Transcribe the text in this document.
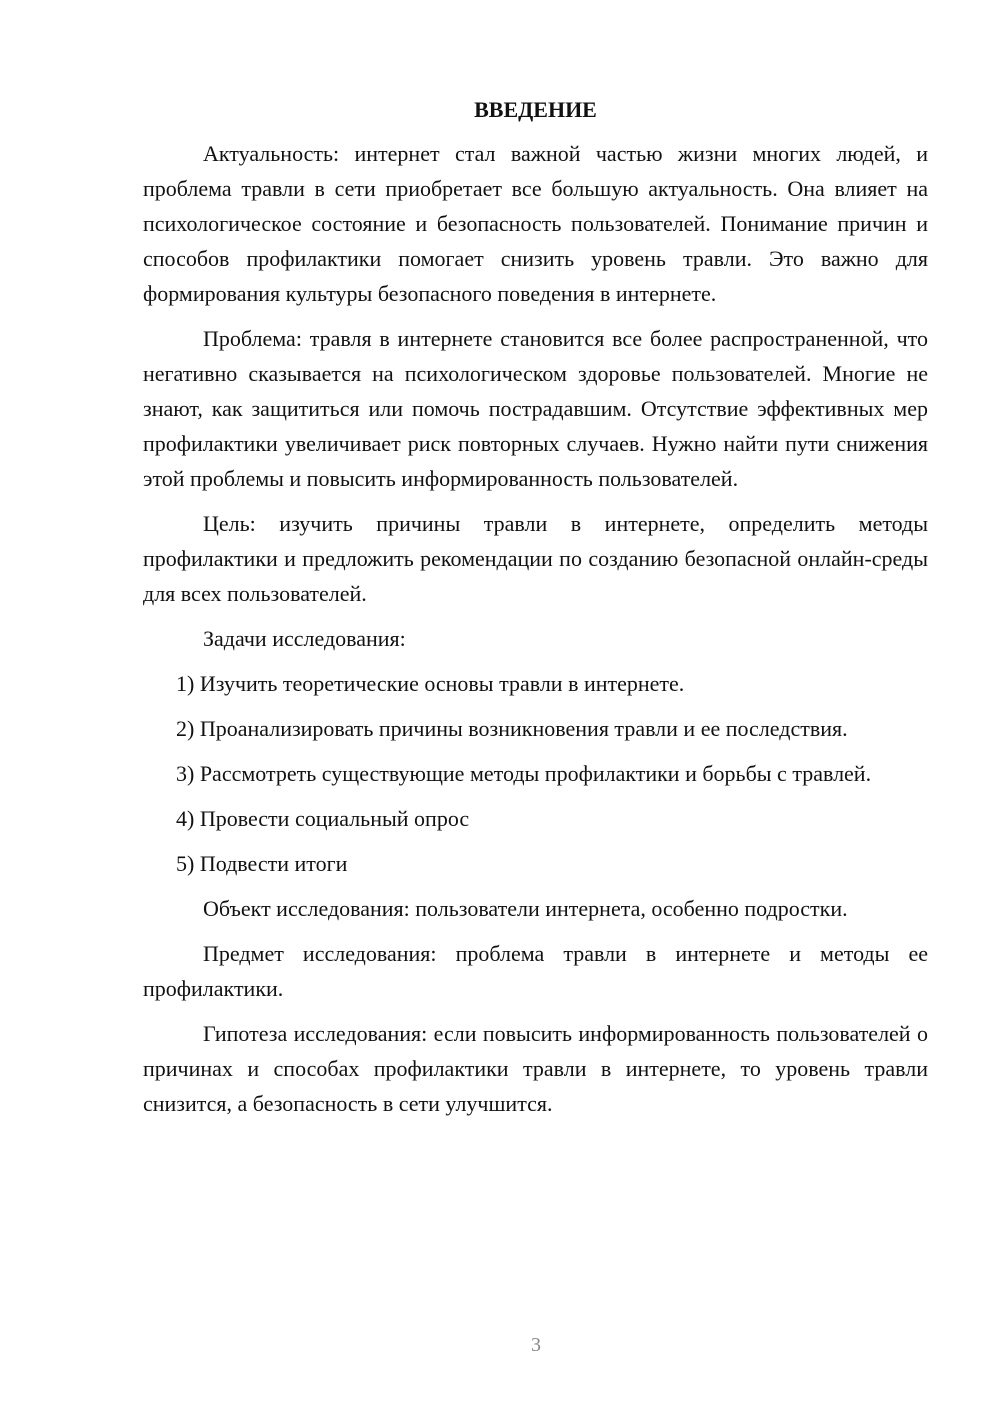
ВВЕДЕНИЕ

Актуальность: интернет стал важной частью жизни многих людей, и проблема травли в сети приобретает все большую актуальность. Она влияет на психологическое состояние и безопасность пользователей. Понимание причин и способов профилактики помогает снизить уровень травли. Это важно для формирования культуры безопасного поведения в интернете.

Проблема: травля в интернете становится все более распространенной, что негативно сказывается на психологическом здоровье пользователей. Многие не знают, как защититься или помочь пострадавшим. Отсутствие эффективных мер профилактики увеличивает риск повторных случаев. Нужно найти пути снижения этой проблемы и повысить информированность пользователей.

Цель: изучить причины травли в интернете, определить методы профилактики и предложить рекомендации по созданию безопасной онлайн-среды для всех пользователей.

Задачи исследования:

1) Изучить теоретические основы травли в интернете.

2) Проанализировать причины возникновения травли и ее последствия.

3) Рассмотреть существующие методы профилактики и борьбы с травлей.

4) Провести социальный опрос

5) Подвести итоги

Объект исследования: пользователи интернета, особенно подростки.

Предмет исследования: проблема травли в интернете и методы ее профилактики.

Гипотеза исследования: если повысить информированность пользователей о причинах и способах профилактики травли в интернете, то уровень травли снизится, а безопасность в сети улучшится.

3
